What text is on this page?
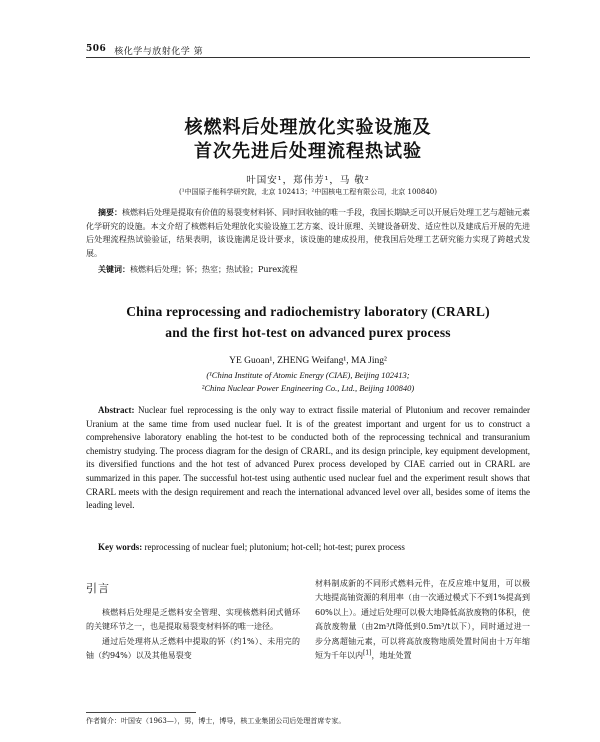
506 核化学与放射化学 第
核燃料后处理放化实验设施及
首次先进后处理流程热试验
叶国安¹，郑伟芳¹，马 敬²
(¹中国原子能科学研究院，北京 102413；²中国核电工程有限公司，北京 100840)
摘要：核燃料后处理是提取有价值的易裂变材料钚、同时回收铀的唯一手段，我国长期缺乏可以开展后处理工艺与超铀元素化学研究的设施。本文介绍了核燃料后处理放化实验设施工艺方案、设计原理、关键设备研发、适应性以及建成后开展的先进后处理流程热试验验证，结果表明，该设施满足设计要求，该设施的建成投用，使我国后处理工艺研究能力实现了跨越式发展。
关键词：核燃料后处理；钚；热室；热试验；Purex流程
China reprocessing and radiochemistry laboratory (CRARL)
and the first hot-test on advanced purex process
YE Guoan¹, ZHENG Weifang¹, MA Jing²
(¹China Institute of Atomic Energy (CIAE), Beijing 102413;
²China Nuclear Power Engineering Co., Ltd., Beijing 100840)
Abstract: Nuclear fuel reprocessing is the only way to extract fissile material of Plutonium and recover remainder Uranium at the same time from used nuclear fuel. It is of the greatest important and urgent for us to construct a comprehensive laboratory enabling the hot-test to be conducted both of the reprocessing technical and transuranium chemistry studying. The process diagram for the design of CRARL, and its design principle, key equipment development, its diversified functions and the hot test of advanced Purex process developed by CIAE carried out in CRARL are summarized in this paper. The successful hot-test using authentic used nuclear fuel and the experiment result shows that CRARL meets with the design requirement and reach the international advanced level over all, besides some of items the leading level.
Key words: reprocessing of nuclear fuel; plutonium; hot-cell; hot-test; purex process
引言

核燃料后处理是乏燃料安全管理、实现核燃料闭式循环的关键环节之一，也是提取易裂变材料钚的唯一途径。

通过后处理将从乏燃料中提取的钚（约1%）、未用完的铀（约94%）以及其他易裂变

材料制成新的不同形式燃料元件，在反应堆中复用，可以极大地提高铀资源的利用率（由一次通过模式下不到1%提高到60%以上）。通过后处理可以极大地降低高放废物的体积，使高放废物量（由2m³/t降低到0.5m³/t以下），同时通过进一步分离超铀元素，可以将高放废物地质处置时间由十万年缩短为千年以内[1]，地址处置

作者简介：叶国安（1963—），男，博士，博导，核工业集团公司后处理首席专家。
